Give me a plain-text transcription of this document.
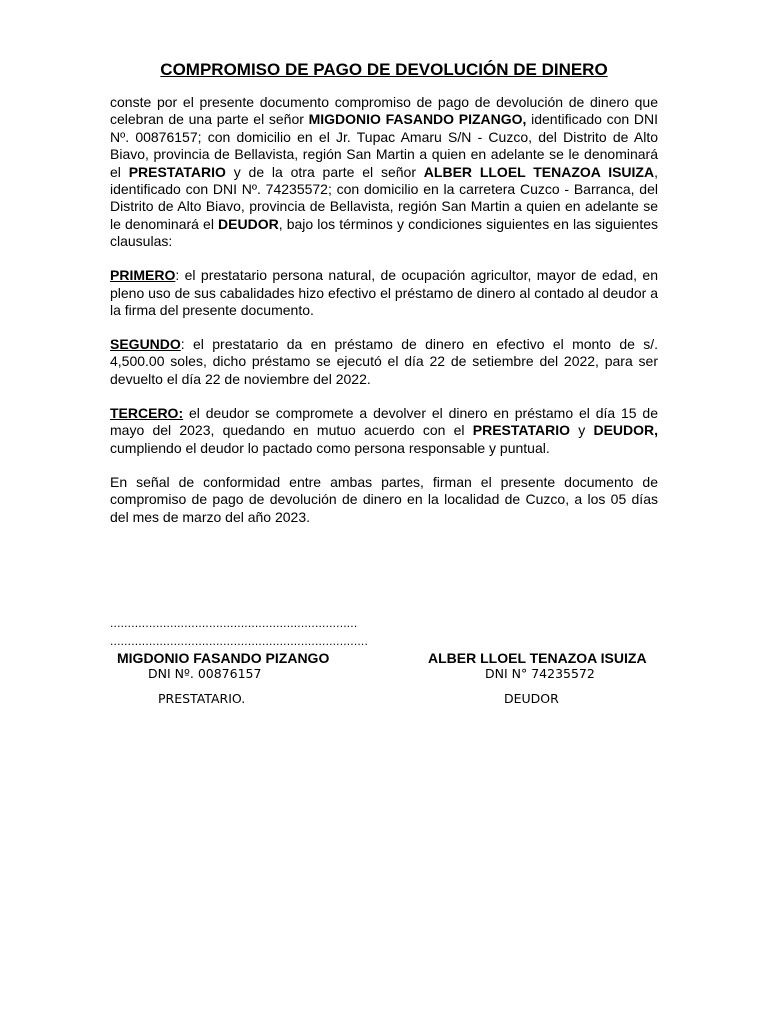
COMPROMISO DE PAGO DE DEVOLUCIÓN DE DINERO

conste por el presente documento compromiso de pago de devolución de dinero que celebran de una parte el señor MIGDONIO FASANDO PIZANGO, identificado con DNI Nº. 00876157; con domicilio en el Jr. Tupac Amaru S/N - Cuzco, del Distrito de Alto Biavo, provincia de Bellavista, región San Martin a quien en adelante se le denominará el PRESTATARIO y de la otra parte el señor ALBER LLOEL TENAZOA ISUIZA, identificado con DNI Nº. 74235572; con domicilio en la carretera Cuzco - Barranca, del Distrito de Alto Biavo, provincia de Bellavista, región San Martin a quien en adelante se le denominará el DEUDOR, bajo los términos y condiciones siguientes en las siguientes clausulas:

PRIMERO: el prestatario persona natural, de ocupación agricultor, mayor de edad, en pleno uso de sus cabalidades hizo efectivo el préstamo de dinero al contado al deudor a la firma del presente documento.

SEGUNDO: el prestatario da en préstamo de dinero en efectivo el monto de s/. 4,500.00 soles, dicho préstamo se ejecutó el día 22 de setiembre del 2022, para ser devuelto el día 22 de noviembre del 2022.

TERCERO: el deudor se compromete a devolver el dinero en préstamo el día 15 de mayo del 2023, quedando en mutuo acuerdo con el PRESTATARIO y DEUDOR, cumpliendo el deudor lo pactado como persona responsable y puntual.

En señal de conformidad entre ambas partes, firman el presente documento de compromiso de pago de devolución de dinero en la localidad de Cuzco, a los 05 días del mes de marzo del año 2023.

......................................................................
.........................................................................
MIGDONIO FASANDO PIZANGO
DNI Nº. 00876157
PRESTATARIO.
ALBER LLOEL TENAZOA ISUIZA
DNI N° 74235572
DEUDOR
